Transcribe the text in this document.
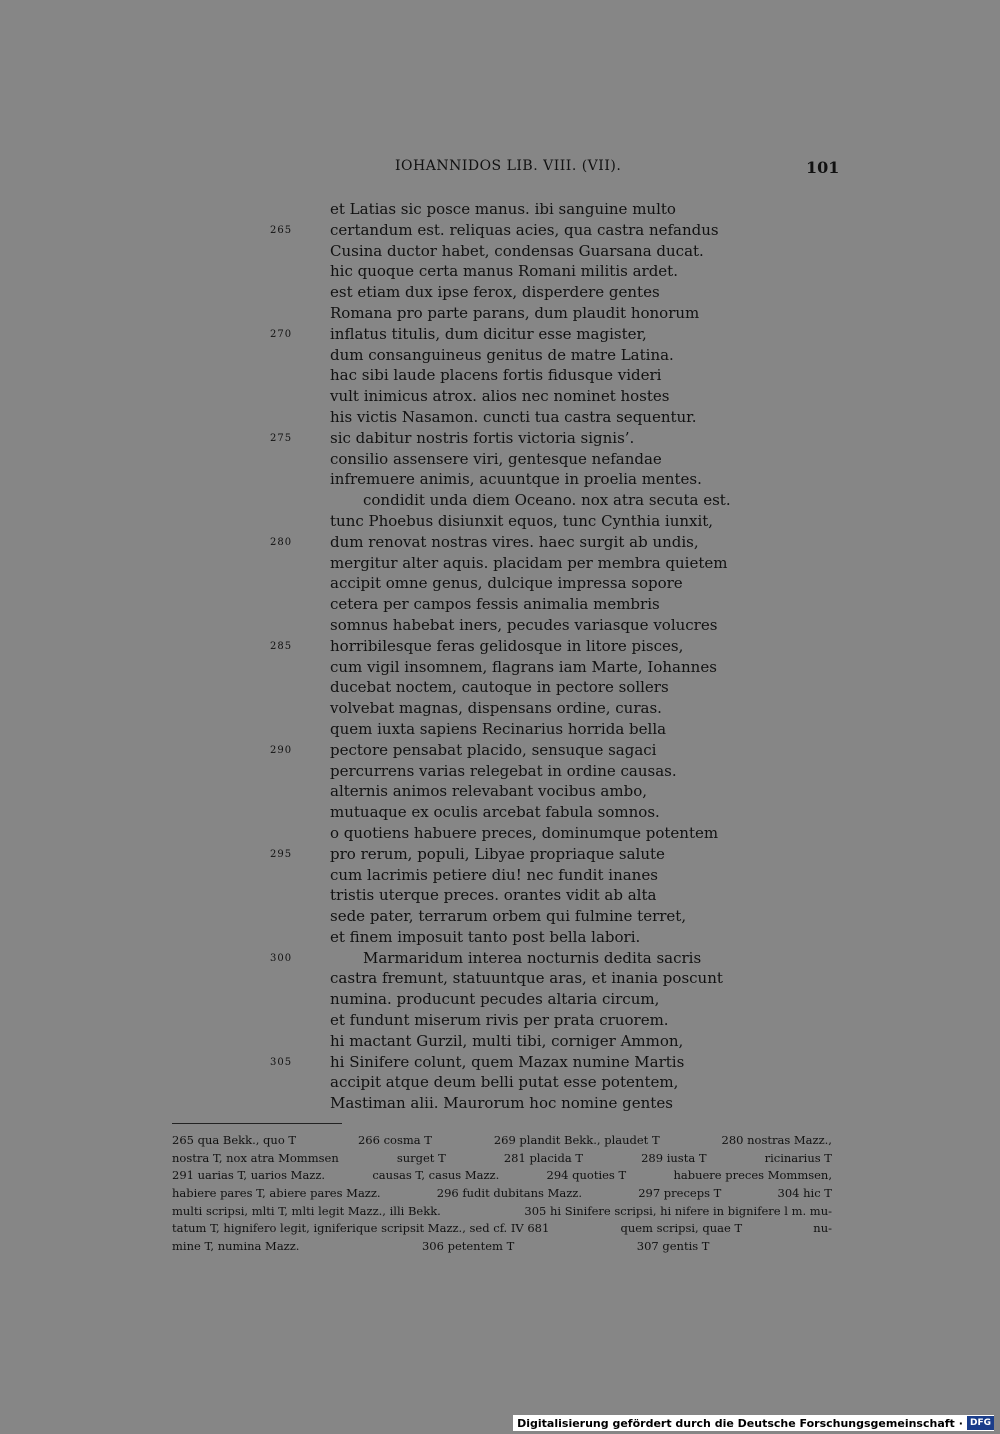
IOHANNIDOS LIB. VIII. (VII).	101
et Latias sic posce manus. ibi sanguine multo
265	certandum est. reliquas acies, qua castra nefandus
Cusina ductor habet, condensas Guarsana ducat.
hic quoque certa manus Romani militis ardet.
est etiam dux ipse ferox, disperdere gentes
Romana pro parte parans, dum plaudit honorum
270	inflatus titulis, dum dicitur esse magister,
dum consanguineus genitus de matre Latina.
hac sibi laude placens fortis fidusque videri
vult inimicus atrox. alios nec nominet hostes
his victis Nasamon. cuncti tua castra sequentur.
275	sic dabitur nostris fortis victoria signis’.
consilio assensere viri, gentesque nefandae
infremuere animis, acuuntque in proelia mentes.
condidit unda diem Oceano. nox atra secuta est.
tunc Phoebus disiunxit equos, tunc Cynthia iunxit,
280	dum renovat nostras vires. haec surgit ab undis,
mergitur alter aquis. placidam per membra quietem
accipit omne genus, dulcique impressa sopore
cetera per campos fessis animalia membris
somnus habebat iners, pecudes variasque volucres
285	horribilesque feras gelidosque in litore pisces,
cum vigil insomnem, flagrans iam Marte, Iohannes
ducebat noctem, cautoque in pectore sollers
volvebat magnas, dispensans ordine, curas.
quem iuxta sapiens Recinarius horrida bella
290	pectore pensabat placido, sensuque sagaci
percurrens varias relegebat in ordine causas.
alternis animos relevabant vocibus ambo,
mutuaque ex oculis arcebat fabula somnos.
o quotiens habuere preces, dominumque potentem
295	pro rerum, populi, Libyae propriaque salute
cum lacrimis petiere diu! nec fundit inanes
tristis uterque preces. orantes vidit ab alta
sede pater, terrarum orbem qui fulmine terret,
et finem imposuit tanto post bella labori.
300	Marmaridum interea nocturnis dedita sacris
castra fremunt, statuuntque aras, et inania poscunt
numina. producunt pecudes altaria circum,
et fundunt miserum rivis per prata cruorem.
hi mactant Gurzil, multi tibi, corniger Ammon,
305	hi Sinifere colunt, quem Mazax numine Martis
accipit atque deum belli putat esse potentem,
Mastiman alii. Maurorum hoc nomine gentes
265 qua Bekk., quo T	266 cosma T	269 plandit Bekk., plaudet T	280 nostras Mazz.,
nostra T, nox atra Mommsen	surget T	281 placida T	289 iusta T	ricinarius T
291 uarias T, uarios Mazz.	causas T, casus Mazz.	294 quoties T	habuere preces Mommsen,
habiere pares T, abiere pares Mazz.	296 fudit dubitans Mazz.	297 preceps T	304 hic T
multi scripsi, mlti T, mlti legit Mazz., illi Bekk.	305 hi Sinifere scripsi, hi nifere in bignifere l m. mu-
tatum T, hignifero legit, igniferique scripsit Mazz., sed cf. IV 681	quem scripsi, quae T	nu-
mine T, numina Mazz.	306 petentem T	307 gentis T
Digitalisierung gefördert durch die Deutsche Forschungsgemeinschaft · DFG
